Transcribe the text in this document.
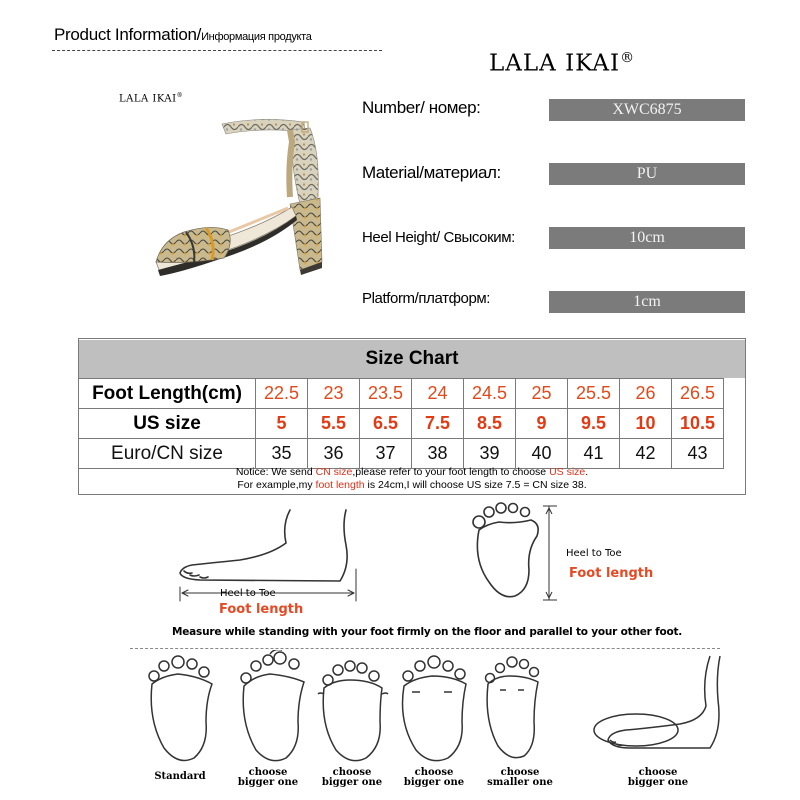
Product Information/Информация продукта
LALA IKAI®
LALA IKAI®
Number/ номер:	XWC6875
Material/материал:	PU
Heel Height/ Свысоким:	10cm
Platform/платформ:	1cm
Size Chart
Foot Length(cm)	22.5	23	23.5	24	24.5	25	25.5	26	26.5
US size	5	5.5	6.5	7.5	8.5	9	9.5	10	10.5
Euro/CN size	35	36	37	38	39	40	41	42	43
Notice: We send CN size,please refer to your foot length to choose US size.
For example,my foot length is 24cm,I will choose US size 7.5 = CN size 38.
Heel to Toe
Foot length
Heel to Toe
Foot length
Measure while standing with your foot firmly on the floor and parallel to your other foot.
Standard	choose
bigger one
choose
bigger one
choose
bigger one
choose
smaller one
choose
bigger one
